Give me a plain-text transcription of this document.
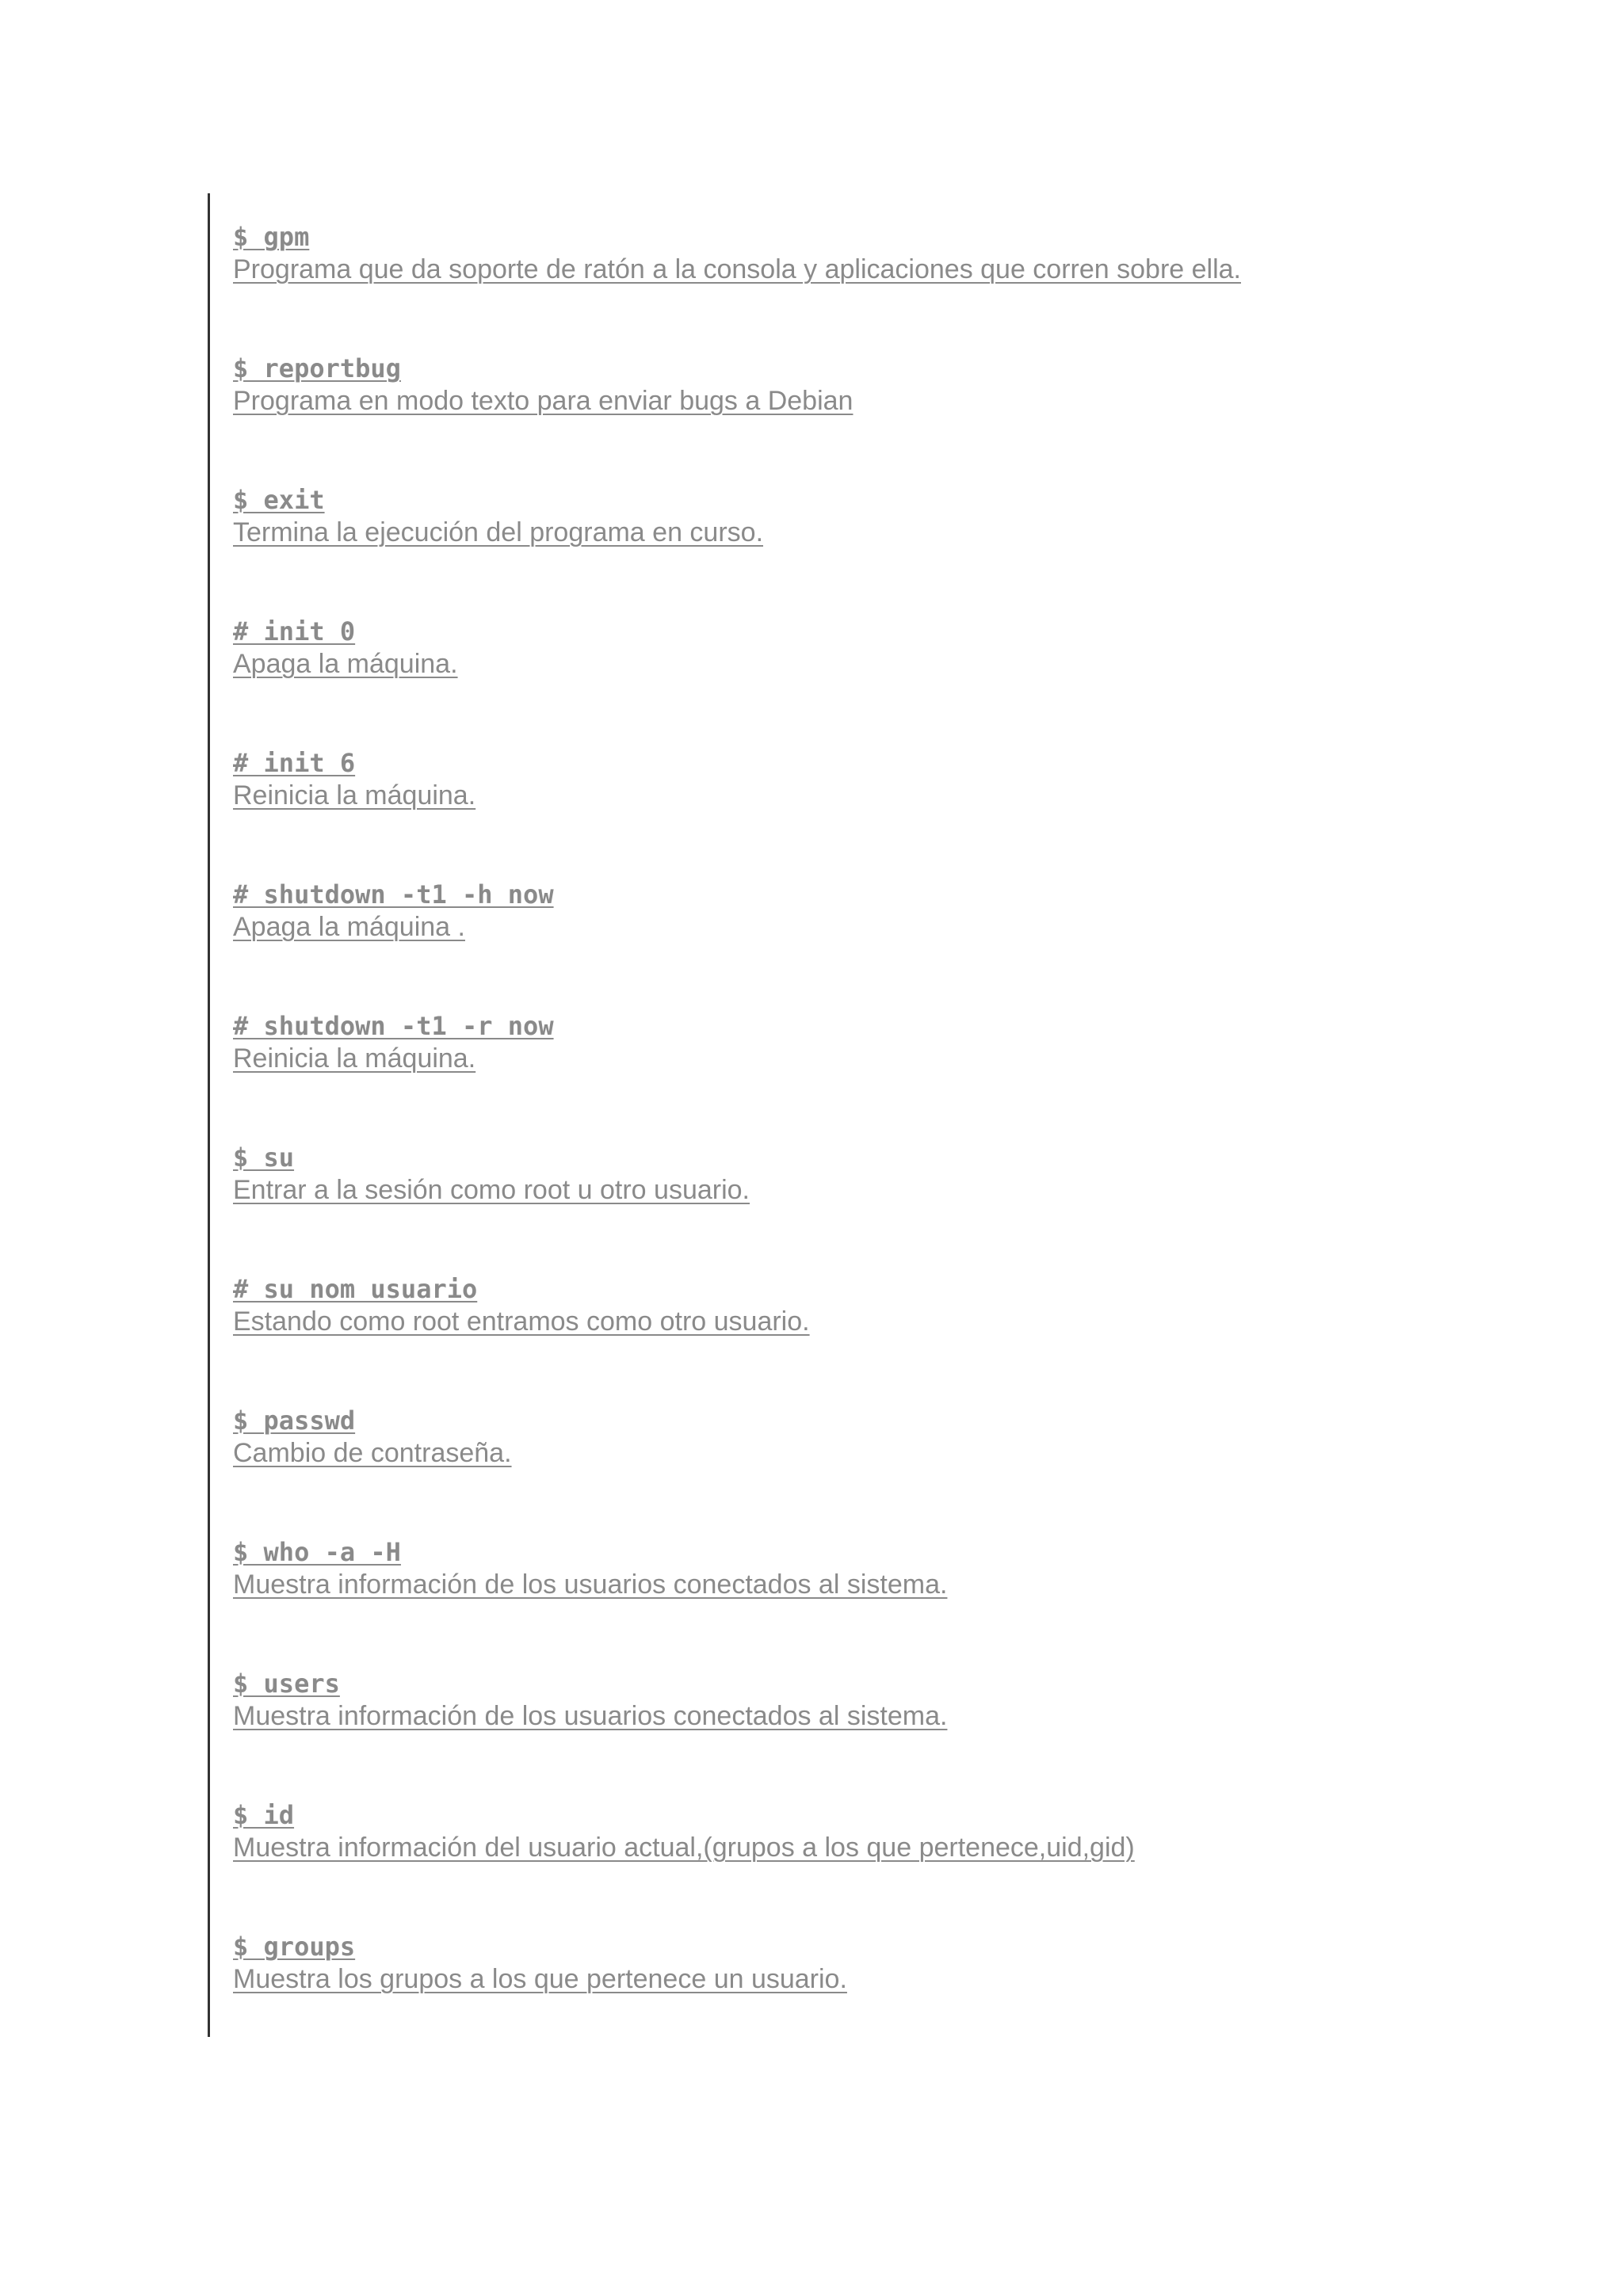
$ gpm
Programa que da soporte de ratón a la consola y aplicaciones que corren sobre ella.
$ reportbug
Programa en modo texto para enviar bugs a Debian
$ exit
Termina la ejecución del programa en curso.
# init 0
Apaga la máquina.
# init 6
Reinicia la máquina.
# shutdown -t1 -h now
Apaga la máquina .
# shutdown -t1 -r now
Reinicia la máquina.
$ su
Entrar a la sesión como root u otro usuario.
# su nom usuario
Estando como root entramos como otro usuario.
$ passwd
Cambio de contraseña.
$ who -a -H
Muestra información de los usuarios conectados al sistema.
$ users
Muestra información de los usuarios conectados al sistema.
$ id
Muestra información del usuario actual,(grupos a los que pertenece,uid,gid)
$ groups
Muestra los grupos a los que pertenece un usuario.
